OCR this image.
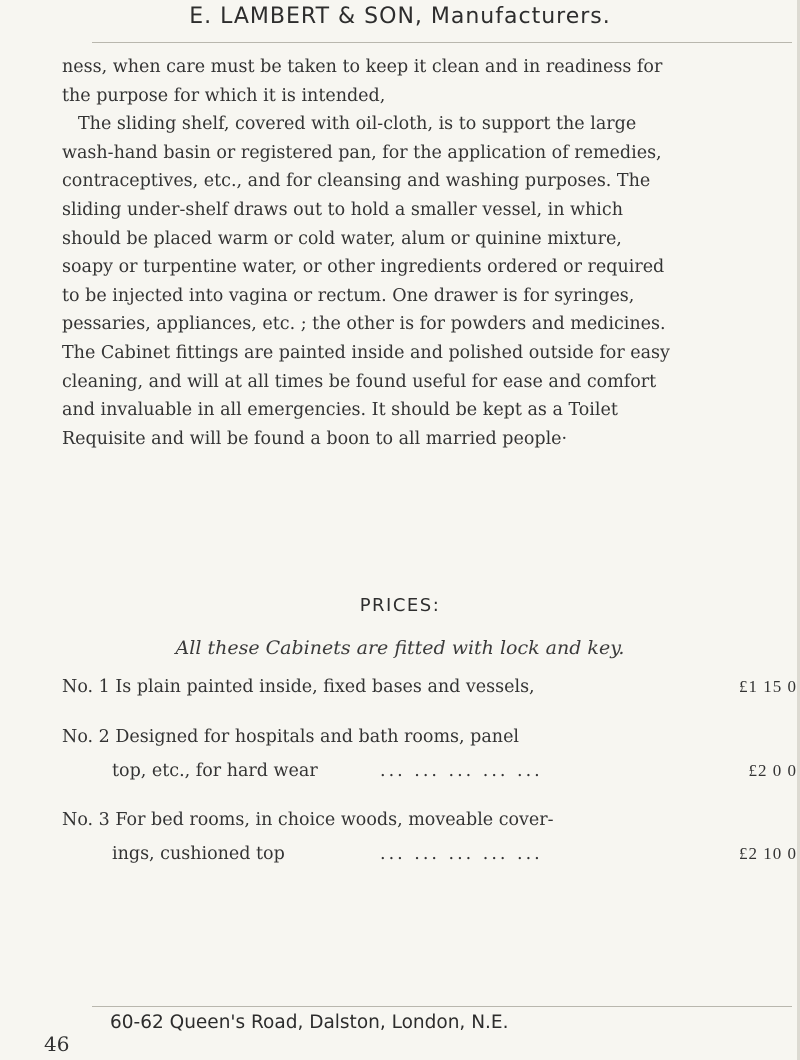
E. LAMBERT & SON, Manufacturers.
ness, when care must be taken to keep it clean and in readiness for
the purpose for which it is intended,
The sliding shelf, covered with oil-cloth, is to support the large
wash-hand basin or registered pan, for the application of remedies,
contraceptives, etc., and for cleansing and washing purposes. The
sliding under-shelf draws out to hold a smaller vessel, in which
should be placed warm or cold water, alum or quinine mixture,
soapy or turpentine water, or other ingredients ordered or required
to be injected into vagina or rectum. One drawer is for syringes,
pessaries, appliances, etc. ; the other is for powders and medicines.
The Cabinet fittings are painted inside and polished outside for easy
cleaning, and will at all times be found useful for ease and comfort
and invaluable in all emergencies. It should be kept as a Toilet
Requisite and will be found a boon to all married people·
PRICES:
All these Cabinets are fitted with lock and key.
No. 1 Is plain painted inside, fixed bases and vessels,	£1 15 0
No. 2 Designed for hospitals and bath rooms, panel
top, etc., for hard wear	... ... ... ... ...	£2 0 0
No. 3 For bed rooms, in choice woods, moveable cover-
ings, cushioned top	... ... ... ... ...	£2 10 0
60-62 Queen's Road, Dalston, London, N.E.
46
